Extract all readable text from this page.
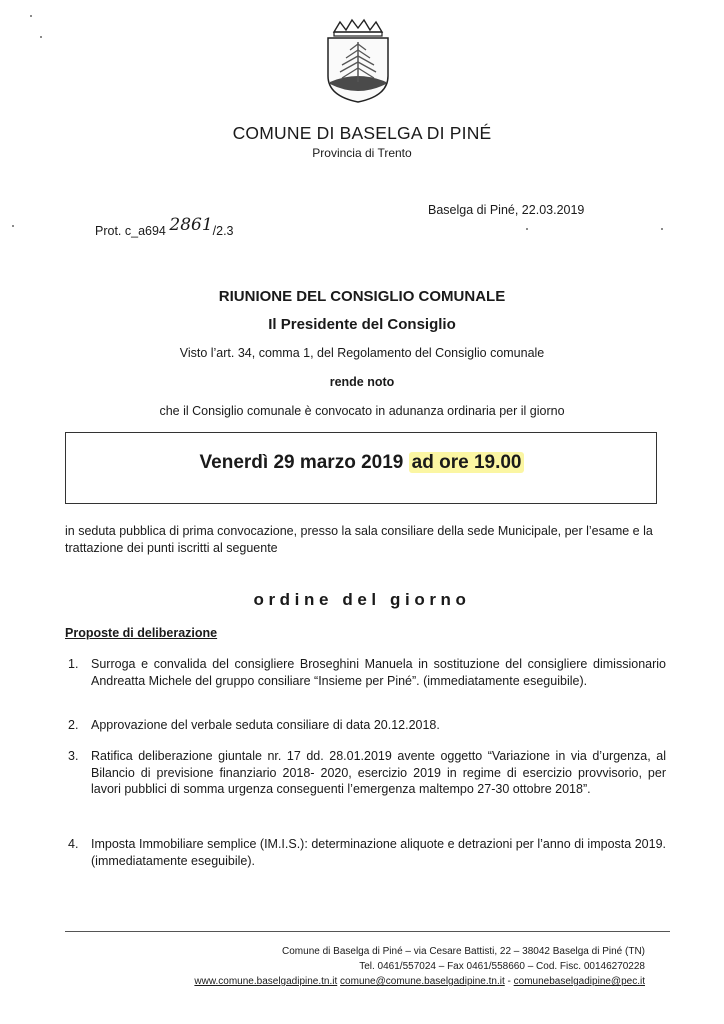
COMUNE DI BASELGA DI PINÉ
Provincia di Trento
Prot. c_a694 2861/2.3
Baselga di Piné, 22.03.2019
RIUNIONE DEL CONSIGLIO COMUNALE
Il Presidente del Consiglio
Visto l’art. 34, comma 1, del Regolamento del Consiglio comunale
rende noto
che il Consiglio comunale è convocato in adunanza ordinaria per il giorno
Venerdì 29 marzo 2019 ad ore 19.00
in seduta pubblica di prima convocazione, presso la sala consiliare della sede Municipale, per l’esame e la trattazione dei punti iscritti al seguente
ordine del giorno
Proposte di deliberazione
1. Surroga e convalida del consigliere Broseghini Manuela in sostituzione del consigliere dimissionario Andreatta Michele del gruppo consiliare “Insieme per Piné”. (immediatamente eseguibile).
2. Approvazione del verbale seduta consiliare di data 20.12.2018.
3. Ratifica deliberazione giuntale nr. 17 dd. 28.01.2019 avente oggetto “Variazione in via d’urgenza, al Bilancio di previsione finanziario 2018- 2020, esercizio 2019 in regime di esercizio provvisorio, per lavori pubblici di somma urgenza conseguenti l’emergenza maltempo 27-30 ottobre 2018”.
4. Imposta Immobiliare semplice (IM.I.S.): determinazione aliquote e detrazioni per l’anno di imposta 2019. (immediatamente eseguibile).
Comune di Baselga di Piné – via Cesare Battisti, 22 – 38042 Baselga di Piné (TN)
Tel. 0461/557024 – Fax 0461/558660 – Cod. Fisc. 00146270228
www.comune.baselgadipine.tn.it comune@comune.baselgadipine.tn.it - comunebaselgadipine@pec.it
